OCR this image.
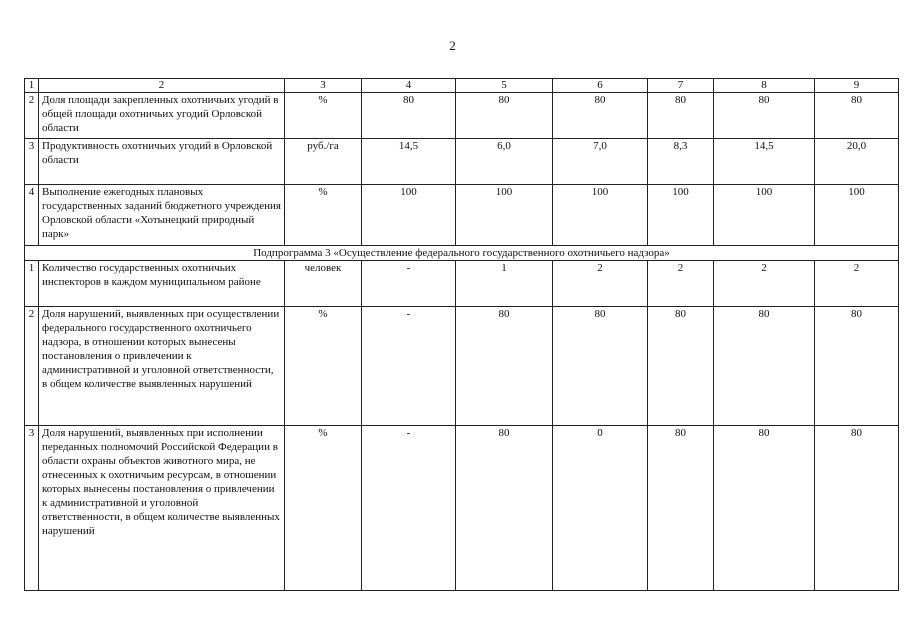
2
1	2	3	4	5	6	7	8	9
2	Доля площади закрепленных охотничьих угодий в общей площади охотничьих угодий Орловской области	%	80	80	80	80	80	80
3	Продуктивность охотничьих угодий в Орловской области	руб./га	14,5	6,0	7,0	8,3	14,5	20,0
4	Выполнение ежегодных плановых государственных заданий бюджетного учреждения Орловской области «Хотынецкий природный парк»	%	100	100	100	100	100	100
Подпрограмма 3 «Осуществление федерального государственного охотничьего надзора»								
1	Количество государственных охотничьих инспекторов в каждом муниципальном районе	человек	-	1	2	2	2	2
2	Доля нарушений, выявленных при осуществлении федерального государственного охотничьего надзора, в отношении которых вынесены постановления о привлечении к административной и уголовной ответственности, в общем количестве выявленных нарушений	%	-	80	80	80	80	80
3	Доля нарушений, выявленных при исполнении переданных полномочий Российской Федерации в области охраны объектов животного мира, не отнесенных к охотничьим ресурсам, в отношении которых вынесены постановления о привлечении к административной и уголовной ответственности, в общем количестве выявленных нарушений	%	-	80	0	80	80	80
